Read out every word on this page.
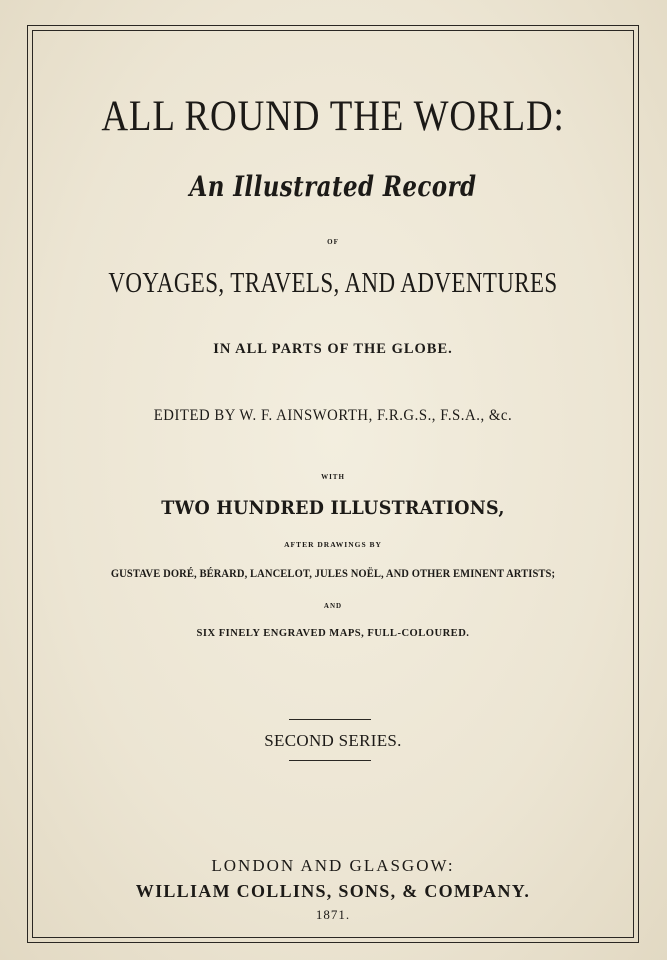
ALL ROUND THE WORLD:
An Illustrated Record
OF
VOYAGES, TRAVELS, AND ADVENTURES
IN ALL PARTS OF THE GLOBE.
EDITED BY W. F. AINSWORTH, F.R.G.S., F.S.A., &c.
WITH
TWO HUNDRED ILLUSTRATIONS,
AFTER DRAWINGS BY
GUSTAVE DORÉ, BÉRARD, LANCELOT, JULES NOËL, AND OTHER EMINENT ARTISTS;
AND
SIX FINELY ENGRAVED MAPS, FULL-COLOURED.
SECOND SERIES.
LONDON AND GLASGOW:
WILLIAM COLLINS, SONS, & COMPANY.
1871.
